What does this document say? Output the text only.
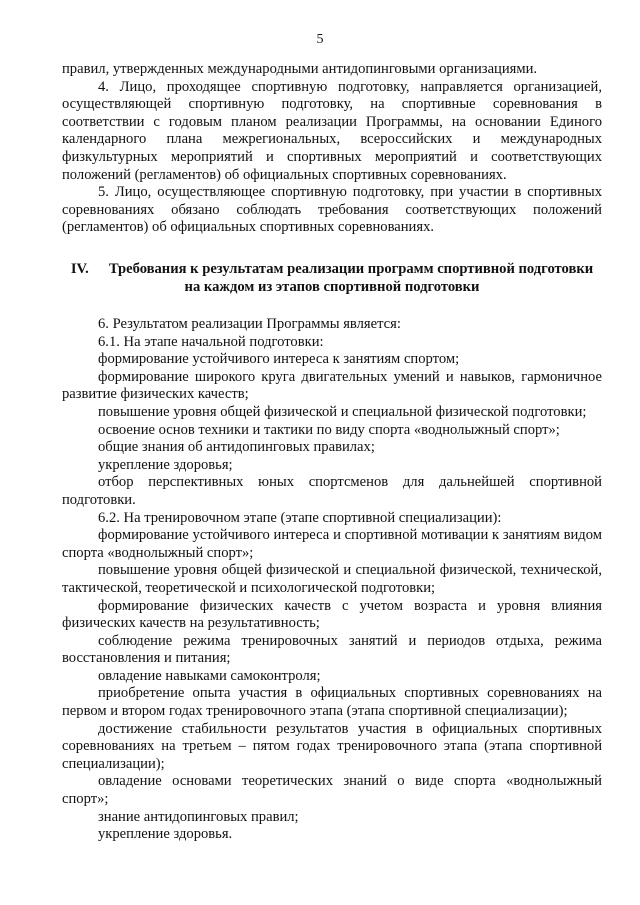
5

правил, утвержденных международными антидопинговыми организациями.

4. Лицо, проходящее спортивную подготовку, направляется организацией, осуществляющей спортивную подготовку, на спортивные соревнования в соответствии с годовым планом реализации Программы, на основании Единого календарного плана межрегиональных, всероссийских и международных физкультурных мероприятий и спортивных мероприятий и соответствующих положений (регламентов) об официальных спортивных соревнованиях.

5. Лицо, осуществляющее спортивную подготовку, при участии в спортивных соревнованиях обязано соблюдать требования соответствующих положений (регламентов) об официальных спортивных соревнованиях.

IV. Требования к результатам реализации программ спортивной подготовки

на каждом из этапов спортивной подготовки

6. Результатом реализации Программы является:

6.1. На этапе начальной подготовки:

формирование устойчивого интереса к занятиям спортом;

формирование широкого круга двигательных умений и навыков, гармоничное развитие физических качеств;

повышение уровня общей физической и специальной физической подготовки;

освоение основ техники и тактики по виду спорта «воднолыжный спорт»;

общие знания об антидопинговых правилах;

укрепление здоровья;

отбор перспективных юных спортсменов для дальнейшей спортивной подготовки.

6.2. На тренировочном этапе (этапе спортивной специализации):

формирование устойчивого интереса и спортивной мотивации к занятиям видом спорта «воднолыжный спорт»;

повышение уровня общей физической и специальной физической, технической, тактической, теоретической и психологической подготовки;

формирование физических качеств с учетом возраста и уровня влияния физических качеств на результативность;

соблюдение режима тренировочных занятий и периодов отдыха, режима восстановления и питания;

овладение навыками самоконтроля;

приобретение опыта участия в официальных спортивных соревнованиях на первом и втором годах тренировочного этапа (этапа спортивной специализации);

достижение стабильности результатов участия в официальных спортивных соревнованиях на третьем – пятом годах тренировочного этапа (этапа спортивной специализации);

овладение основами теоретических знаний о виде спорта «воднолыжный спорт»;

знание антидопинговых правил;

укрепление здоровья.
